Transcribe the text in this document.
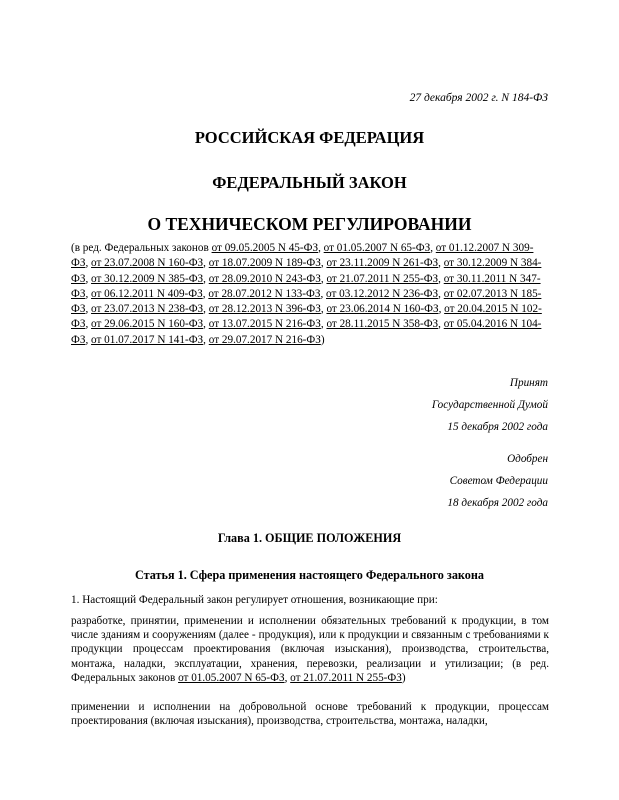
27 декабря 2002 г. N 184-ФЗ
РОССИЙСКАЯ ФЕДЕРАЦИЯ
ФЕДЕРАЛЬНЫЙ ЗАКОН
О ТЕХНИЧЕСКОМ РЕГУЛИРОВАНИИ
(в ред. Федеральных законов от 09.05.2005 N 45-ФЗ, от 01.05.2007 N 65-ФЗ, от 01.12.2007 N 309-ФЗ, от 23.07.2008 N 160-ФЗ, от 18.07.2009 N 189-ФЗ, от 23.11.2009 N 261-ФЗ, от 30.12.2009 N 384-ФЗ, от 30.12.2009 N 385-ФЗ, от 28.09.2010 N 243-ФЗ, от 21.07.2011 N 255-ФЗ, от 30.11.2011 N 347-ФЗ, от 06.12.2011 N 409-ФЗ, от 28.07.2012 N 133-ФЗ, от 03.12.2012 N 236-ФЗ, от 02.07.2013 N 185-ФЗ, от 23.07.2013 N 238-ФЗ, от 28.12.2013 N 396-ФЗ, от 23.06.2014 N 160-ФЗ, от 20.04.2015 N 102-ФЗ, от 29.06.2015 N 160-ФЗ, от 13.07.2015 N 216-ФЗ, от 28.11.2015 N 358-ФЗ, от 05.04.2016 N 104-ФЗ, от 01.07.2017 N 141-ФЗ, от 29.07.2017 N 216-ФЗ)
Принят
Государственной Думой
15 декабря 2002 года
Одобрен
Советом Федерации
18 декабря 2002 года
Глава 1. ОБЩИЕ ПОЛОЖЕНИЯ
Статья 1. Сфера применения настоящего Федерального закона
1. Настоящий Федеральный закон регулирует отношения, возникающие при:
разработке, принятии, применении и исполнении обязательных требований к продукции, в том числе зданиям и сооружениям (далее - продукция), или к продукции и связанным с требованиями к продукции процессам проектирования (включая изыскания), производства, строительства, монтажа, наладки, эксплуатации, хранения, перевозки, реализации и утилизации; (в ред. Федеральных законов от 01.05.2007 N 65-ФЗ, от 21.07.2011 N 255-ФЗ)
применении и исполнении на добровольной основе требований к продукции, процессам проектирования (включая изыскания), производства, строительства, монтажа, наладки,
